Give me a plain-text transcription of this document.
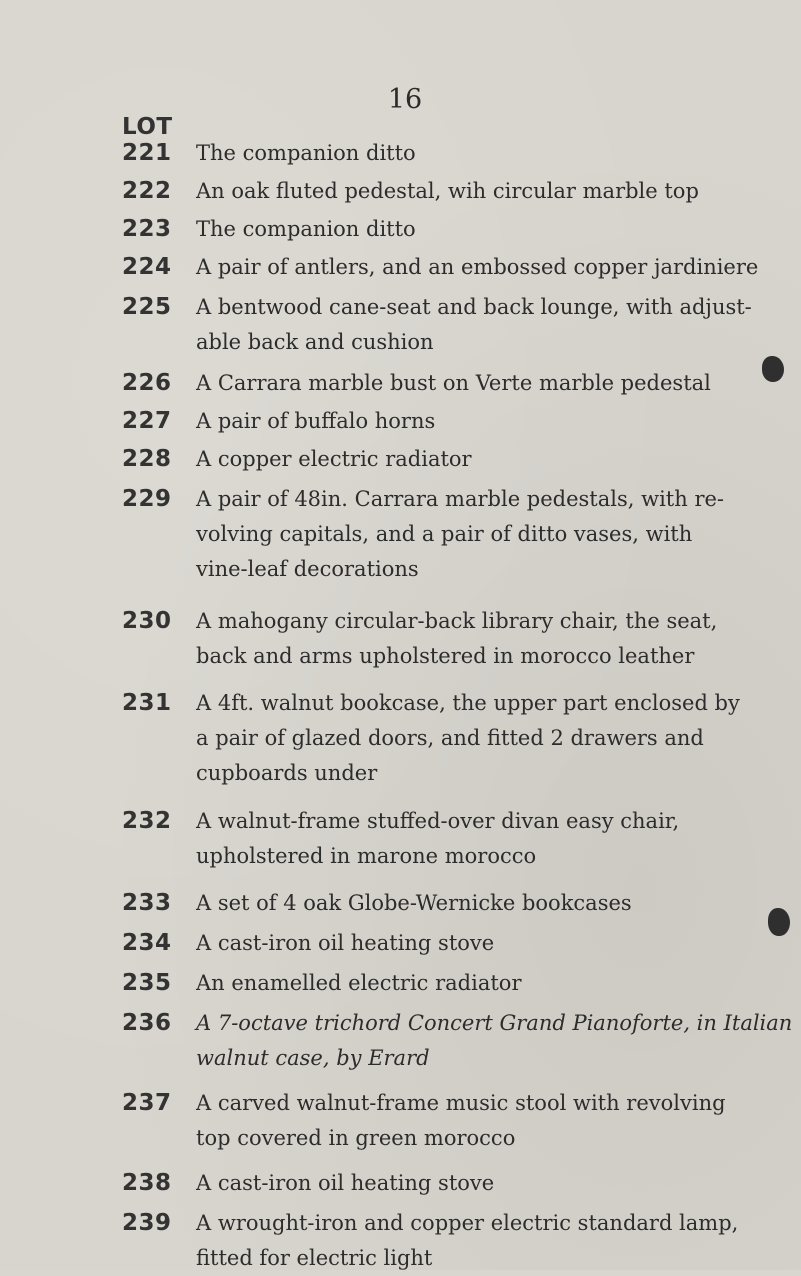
16
LOT
221 The companion ditto
222 An oak fluted pedestal, wih circular marble top
223 The companion ditto
224 A pair of antlers, and an embossed copper jardiniere
225 A bentwood cane-seat and back lounge, with adjust-
able back and cushion
226 A Carrara marble bust on Verte marble pedestal
227 A pair of buffalo horns
228 A copper electric radiator
229 A pair of 48in. Carrara marble pedestals, with re-
volving capitals, and a pair of ditto vases, with
vine-leaf decorations
230 A mahogany circular-back library chair, the seat,
back and arms upholstered in morocco leather
231 A 4ft. walnut bookcase, the upper part enclosed by
a pair of glazed doors, and fitted 2 drawers and
cupboards under
232 A walnut-frame stuffed-over divan easy chair,
upholstered in marone morocco
233 A set of 4 oak Globe-Wernicke bookcases
234 A cast-iron oil heating stove
235 An enamelled electric radiator
236 A 7-octave trichord Concert Grand Pianoforte, in Italian
walnut case, by Erard
237 A carved walnut-frame music stool with revolving
top covered in green morocco
238 A cast-iron oil heating stove
239 A wrought-iron and copper electric standard lamp,
fitted for electric light
